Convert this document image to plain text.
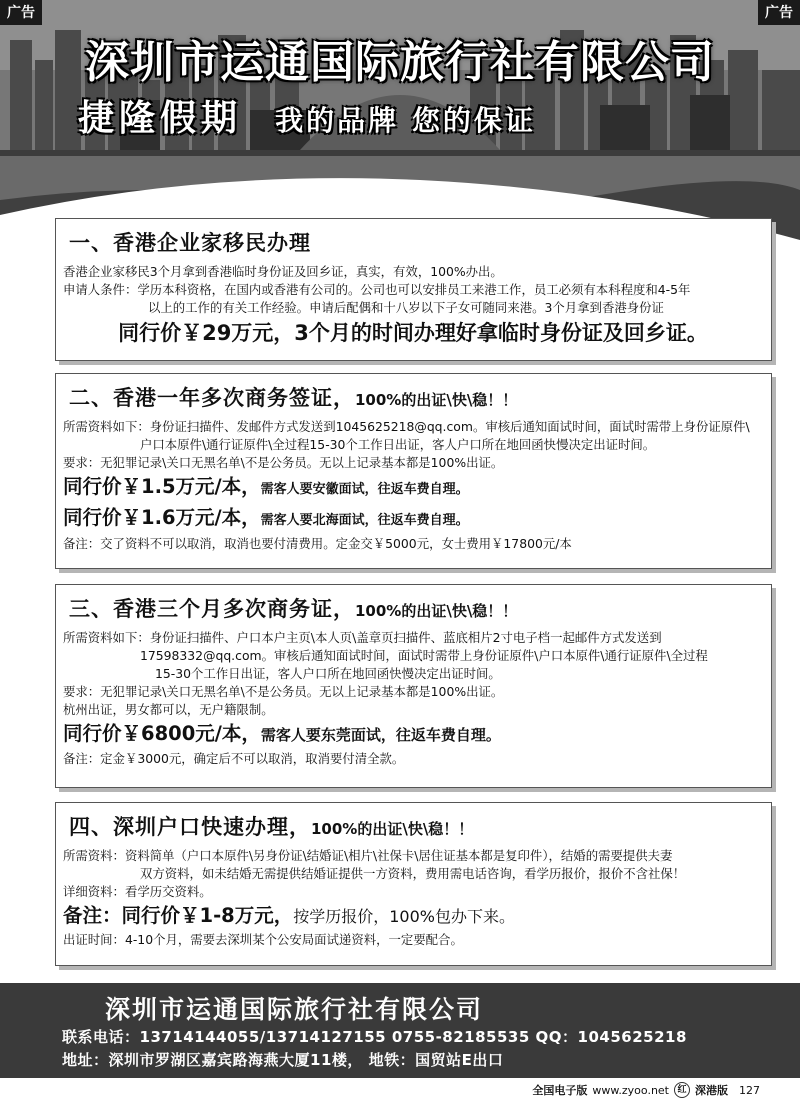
广告	广告
深圳市运通国际旅行社有限公司
捷隆假期 我的品牌 您的保证
一、香港企业家移民办理
香港企业家移民3个月拿到香港临时身份证及回乡证，真实，有效，100%办出。
申请人条件：学历本科资格，在国内或香港有公司的。公司也可以安排员工来港工作，员工必须有本科程度和4-5年
以上的工作的有关工作经验。申请后配偶和十八岁以下子女可随同来港。3个月拿到香港身份证
同行价￥29万元，3个月的时间办理好拿临时身份证及回乡证。
二、香港一年多次商务签证，100%的出证\快\稳！！
所需资料如下：身份证扫描件、发邮件方式发送到1045625218@qq.com。审核后通知面试时间，面试时需带上身份证原件\
户口本原件\通行证原件\全过程15-30个工作日出证，客人户口所在地回函快慢决定出证时间。
要求：无犯罪记录\关口无黑名单\不是公务员。无以上记录基本都是100%出证。
同行价￥1.5万元/本，需客人要安徽面试，往返车费自理。
同行价￥1.6万元/本，需客人要北海面试，往返车费自理。
备注：交了资料不可以取消，取消也要付清费用。定金交￥5000元，女士费用￥17800元/本
三、香港三个月多次商务证，100%的出证\快\稳！！
所需资料如下：身份证扫描件、户口本户主页\本人页\盖章页扫描件、蓝底相片2寸电子档一起邮件方式发送到
17598332@qq.com。审核后通知面试时间，面试时需带上身份证原件\户口本原件\通行证原件\全过程
15-30个工作日出证，客人户口所在地回函快慢决定出证时间。
要求：无犯罪记录\关口无黑名单\不是公务员。无以上记录基本都是100%出证。
杭州出证，男女都可以，无户籍限制。
同行价￥6800元/本，需客人要东莞面试，往返车费自理。
备注：定金￥3000元，确定后不可以取消，取消要付清全款。
四、深圳户口快速办理，100%的出证\快\稳！！
所需资料：资料简单（户口本原件\另身份证\结婚证\相片\社保卡\居住证基本都是复印件），结婚的需要提供夫妻
双方资料，如未结婚无需提供结婚证提供一方资料，费用需电话咨询，看学历报价，报价不含社保！
详细资料：看学历交资料。
备注：同行价￥1-8万元，按学历报价，100%包办下来。
出证时间：4-10个月，需要去深圳某个公安局面试递资料，一定要配合。
深圳市运通国际旅行社有限公司
联系电话：13714144055/13714127155 0755-82185535 QQ：1045625218
地址：深圳市罗湖区嘉宾路海燕大厦11楼， 地铁：国贸站E出口
全国电子版 www.zyoo.net 红 深港版 127
